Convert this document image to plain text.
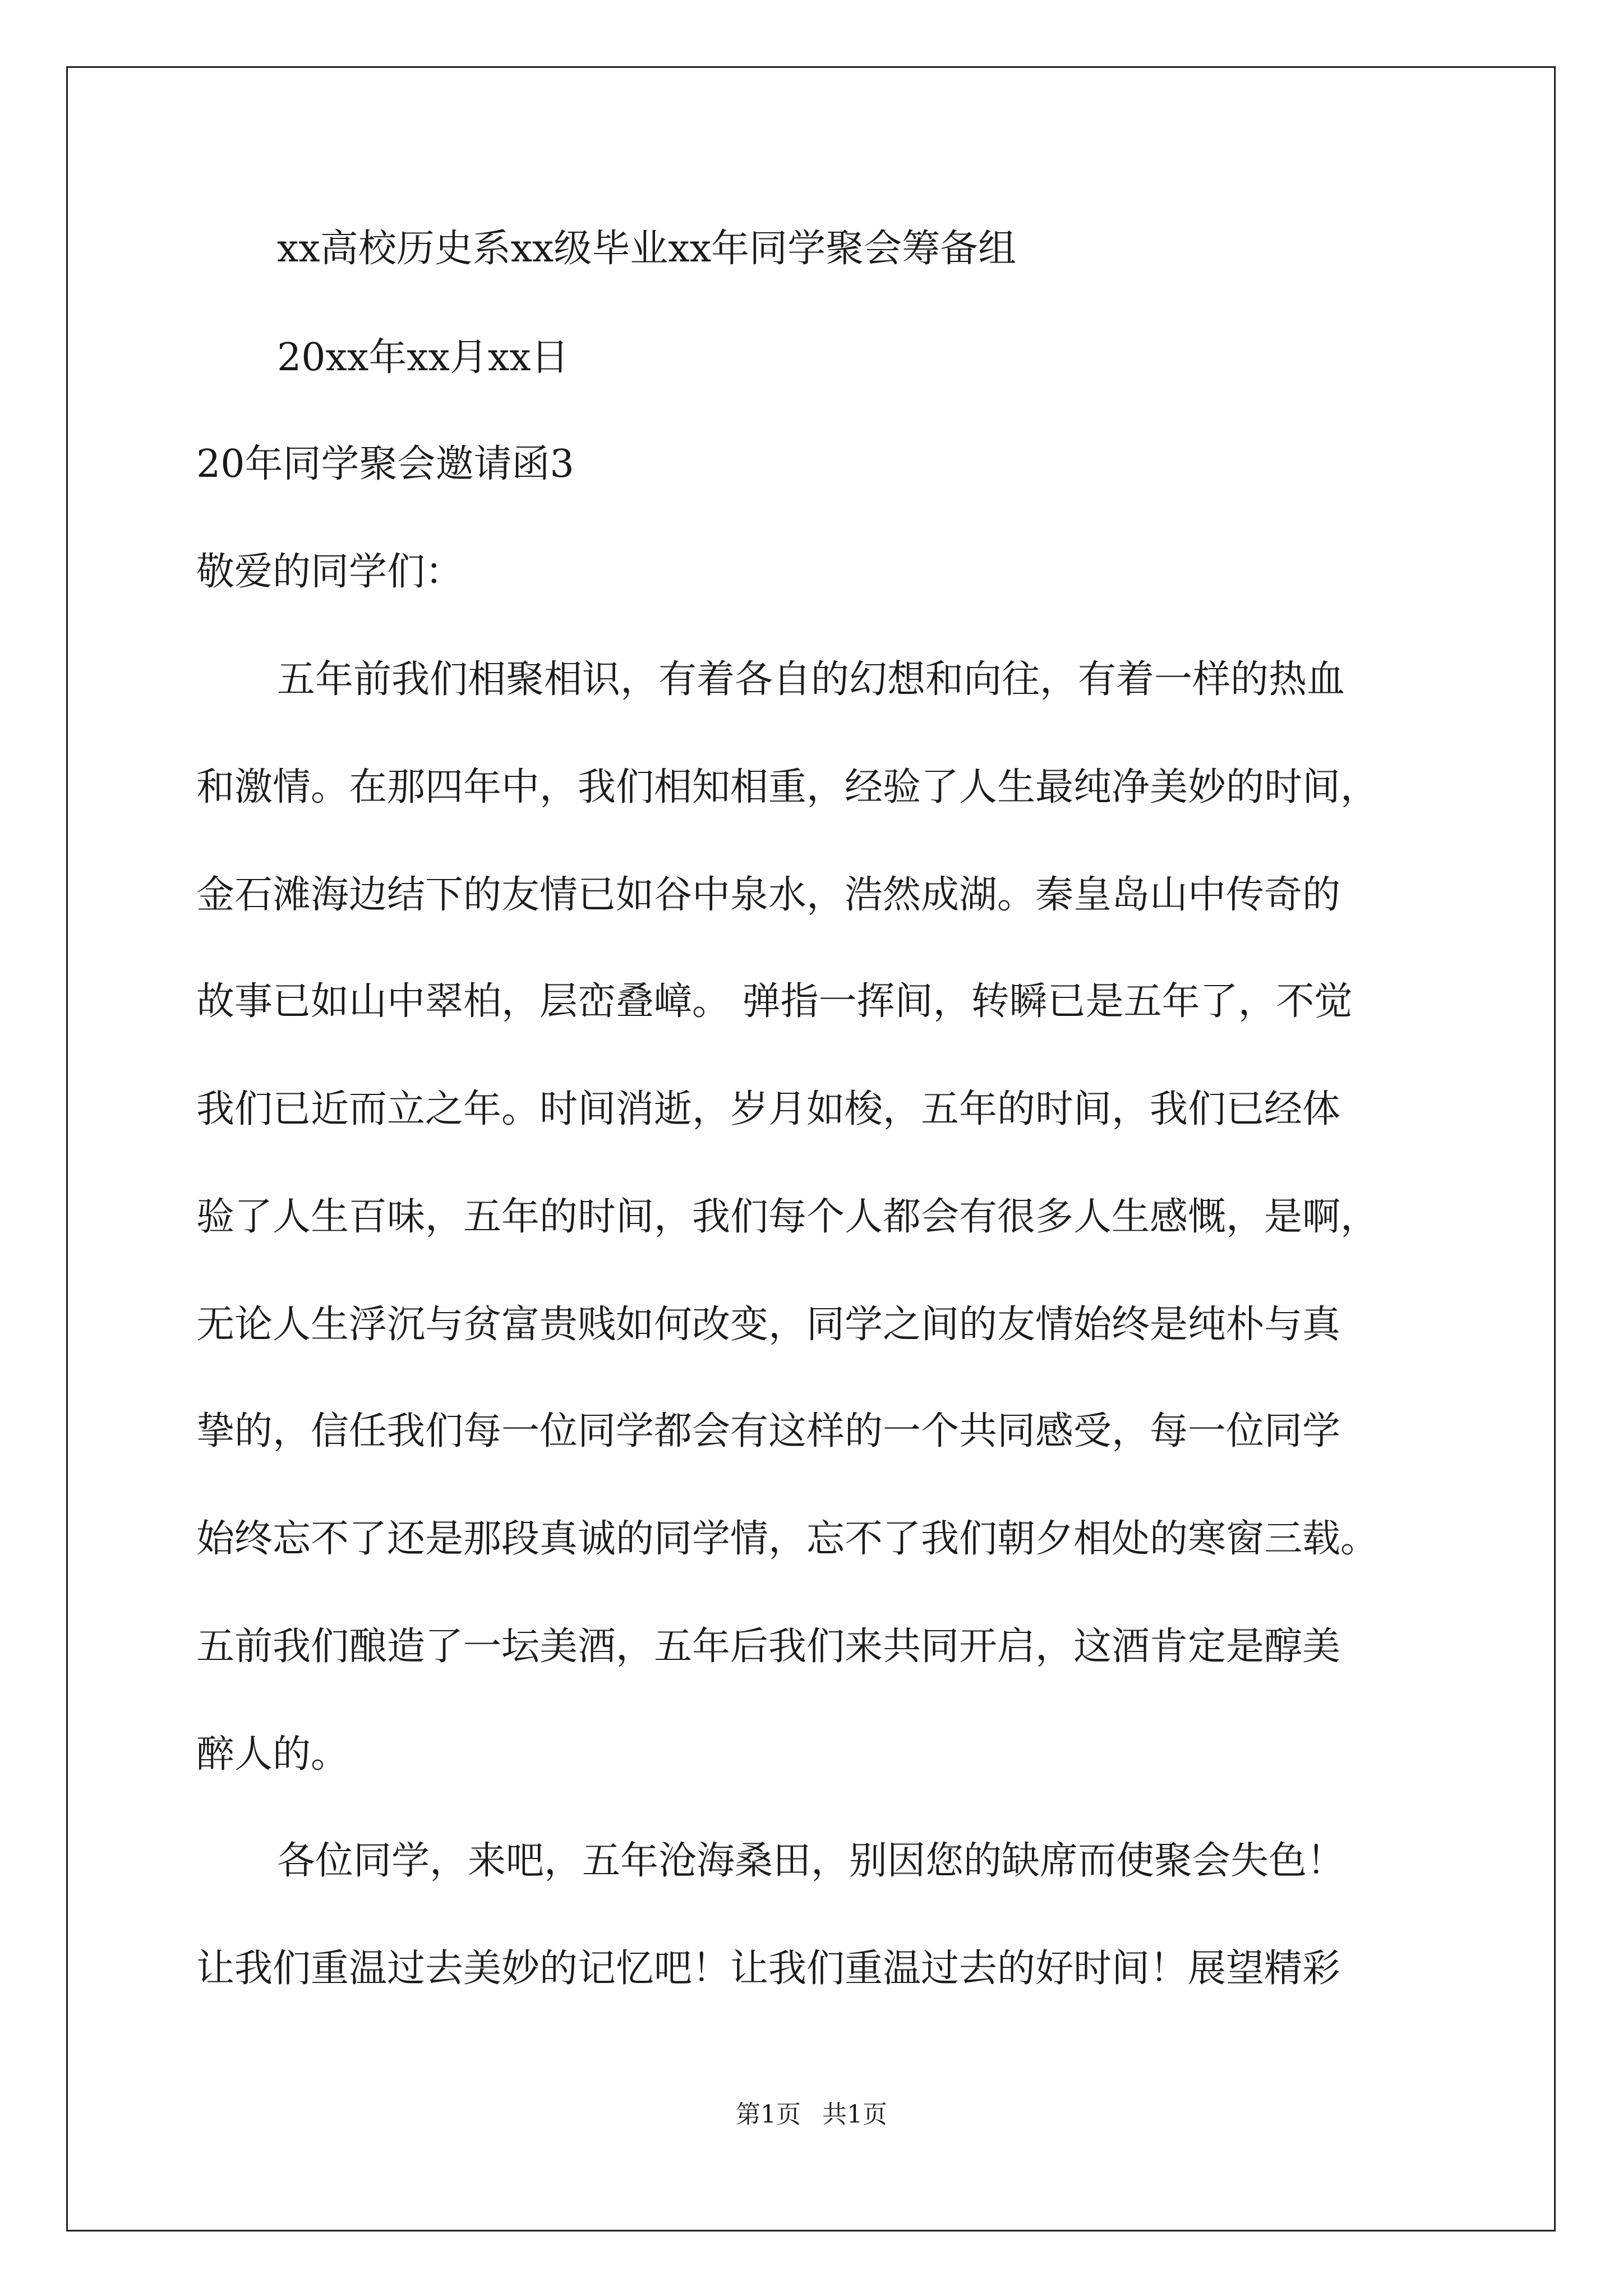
xx高校历史系xx级毕业xx年同学聚会筹备组
20xx年xx月xx日
20年同学聚会邀请函3
敬爱的同学们：
五年前我们相聚相识，有着各自的幻想和向往，有着一样的热血
和激情。在那四年中，我们相知相重，经验了人生最纯净美妙的时间，
金石滩海边结下的友情已如谷中泉水，浩然成湖。秦皇岛山中传奇的
故事已如山中翠柏，层峦叠嶂。 弹指一挥间，转瞬已是五年了，不觉
我们已近而立之年。时间消逝，岁月如梭，五年的时间，我们已经体
验了人生百味，五年的时间，我们每个人都会有很多人生感慨，是啊，
无论人生浮沉与贫富贵贱如何改变，同学之间的友情始终是纯朴与真
挚的，信任我们每一位同学都会有这样的一个共同感受，每一位同学
始终忘不了还是那段真诚的同学情，忘不了我们朝夕相处的寒窗三载。
五前我们酿造了一坛美酒，五年后我们来共同开启，这酒肯定是醇美
醉人的。
各位同学，来吧，五年沧海桑田，别因您的缺席而使聚会失色！
让我们重温过去美妙的记忆吧！让我们重温过去的好时间！展望精彩
第1页 共1页
